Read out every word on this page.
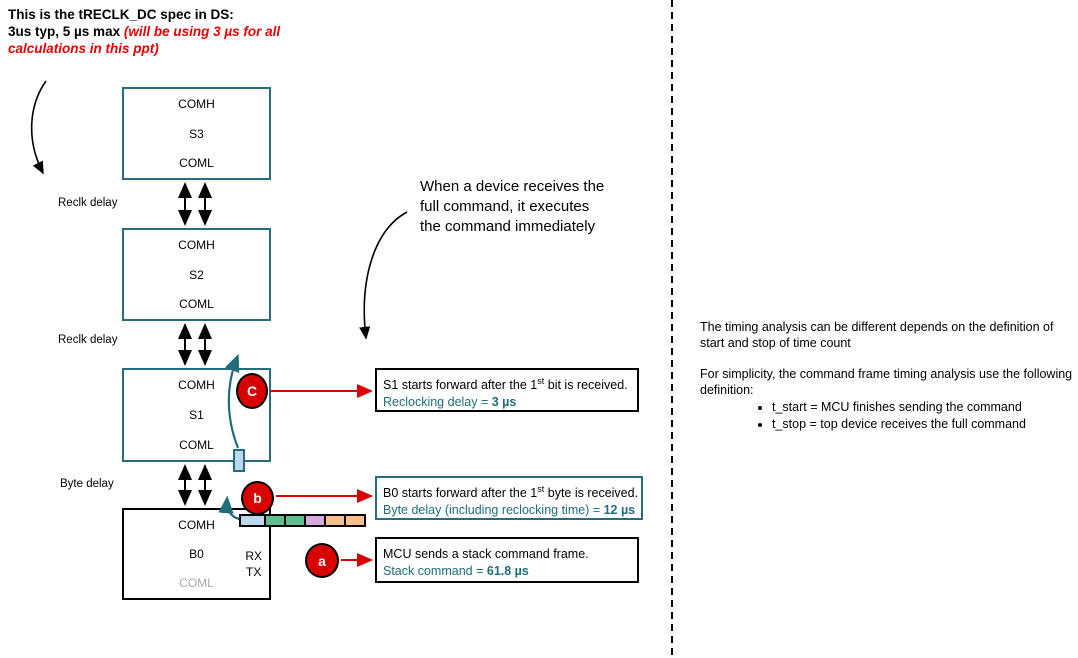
COMH
S3
COML
COMH
S2
COML
COMH
S1
COML
COMH
B0
COML
RX
TX
This is the tRECLK_DC spec in DS:
3us typ, 5 µs max (will be using 3 µs for all
calculations in this ppt)
Reclk delay
Reclk delay
Byte delay
When a device receives the
full command, it executes
the command immediately
C
b
a
S1 starts forward after the 1st bit is received.
Reclocking delay = 3 µs
B0 starts forward after the 1st byte is received.
Byte delay (including reclocking time) = 12 µs
MCU sends a stack command frame.
Stack command = 61.8 µs

The timing analysis can be different depends on the definition of start and stop of time count

For simplicity, the command frame timing analysis use the following definition:

• t_start = MCU finishes sending the command
• t_stop = top device receives the full command
